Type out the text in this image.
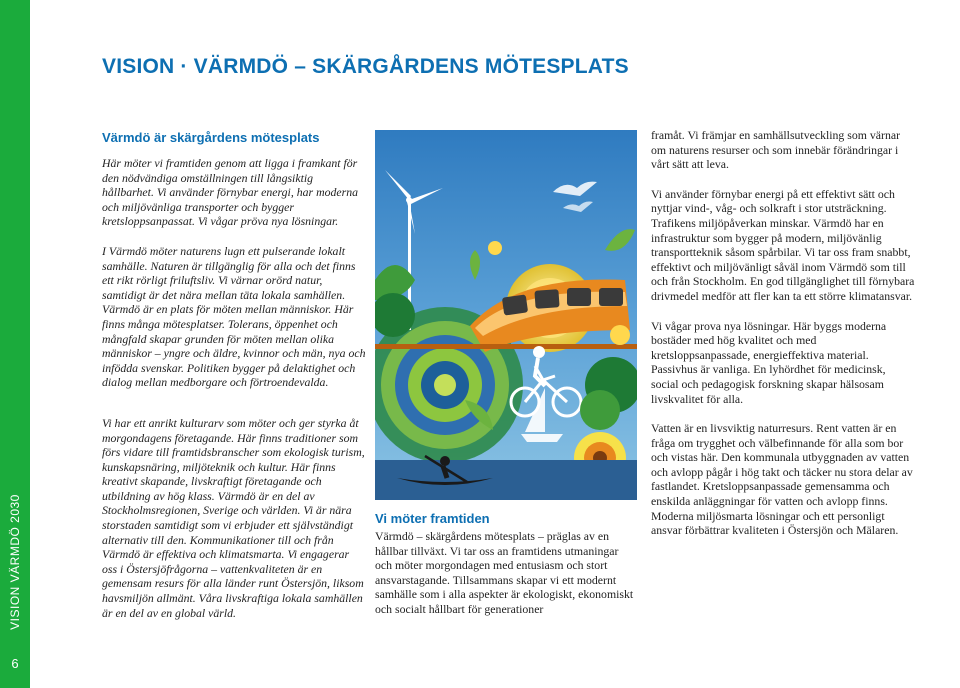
VISION VÄRMDÖ 2030
6
VISION · VÄRMDÖ – SKÄRGÅRDENS MÖTESPLATS
Värmdö är skärgårdens mötesplats

Här möter vi framtiden genom att ligga i framkant för den nödvändiga omställningen till långsiktig hållbarhet. Vi använder förnybar energi, har moderna och miljövänliga transporter och bygger kretsloppsanpassat. Vi vågar pröva nya lösningar.

I Värmdö möter naturens lugn ett pulserande lokalt samhälle. Naturen är tillgänglig för alla och det finns ett rikt rörligt friluftsliv. Vi värnar orörd natur, samtidigt är det nära mellan täta lokala samhällen. Värmdö är en plats för möten mellan människor. Här finns många mötesplatser. Tolerans, öppenhet och mångfald skapar grunden för möten mellan olika människor – yngre och äldre, kvinnor och män, nya och infödda svenskar. Politiken bygger på delaktighet och dialog mellan medborgare och förtroendevalda.

Vi har ett anrikt kulturarv som möter och ger styrka åt morgondagens företagande. Här finns traditioner som förs vidare till framtidsbranscher som ekologisk turism, kunskapsnäring, miljöteknik och kultur. Här finns kreativt skapande, livskraftigt företagande och utbildning av hög klass. Värmdö är en del av Stockholmsregionen, Sverige och världen. Vi är nära storstaden samtidigt som vi erbjuder ett självständigt alternativ till den. Kommunikationer till och från Värmdö är effektiva och klimatsmarta. Vi engagerar oss i Östersjöfrågorna – vattenkvaliteten är en gemensam resurs för alla länder runt Östersjön, liksom havsmiljön allmänt. Våra livskraftiga lokala samhällen är en del av en global värld.

Vi möter framtiden

Värmdö – skärgårdens mötesplats – präglas av en hållbar tillväxt. Vi tar oss an framtidens utmaningar och möter morgondagen med entusiasm och stort ansvarstagande. Tillsammans skapar vi ett modernt samhälle som i alla aspekter är ekologiskt, ekonomiskt och socialt hållbart för generationer

framåt. Vi främjar en samhällsutveckling som värnar om naturens resurser och som innebär förändringar i vårt sätt att leva.

Vi använder förnybar energi på ett effektivt sätt och nyttjar vind-, våg- och solkraft i stor utsträckning. Trafikens miljöpåverkan minskar. Värmdö har en infrastruktur som bygger på modern, miljövänlig transportteknik såsom spårbilar. Vi tar oss fram snabbt, effektivt och miljövänligt såväl inom Värmdö som till och från Stockholm. En god tillgänglighet till förnybara drivmedel medför att fler kan ta ett större klimatansvar.

Vi vågar prova nya lösningar. Här byggs moderna bostäder med hög kvalitet och med kretsloppsanpassade, energieffektiva material. Passivhus är vanliga. En lyhördhet för medicinsk, social och pedagogisk forskning skapar hälsosam livskvalitet för alla.

Vatten är en livsviktig naturresurs. Rent vatten är en fråga om trygghet och välbefinnande för alla som bor och vistas här. Den kommunala utbyggnaden av vatten och avlopp pågår i hög takt och täcker nu stora delar av fastlandet. Kretsloppsanpassade gemensamma och enskilda anläggningar för vatten och avlopp finns. Moderna miljösmarta lösningar och ett personligt ansvar förbättrar kvaliteten i Östersjön och Mälaren.
